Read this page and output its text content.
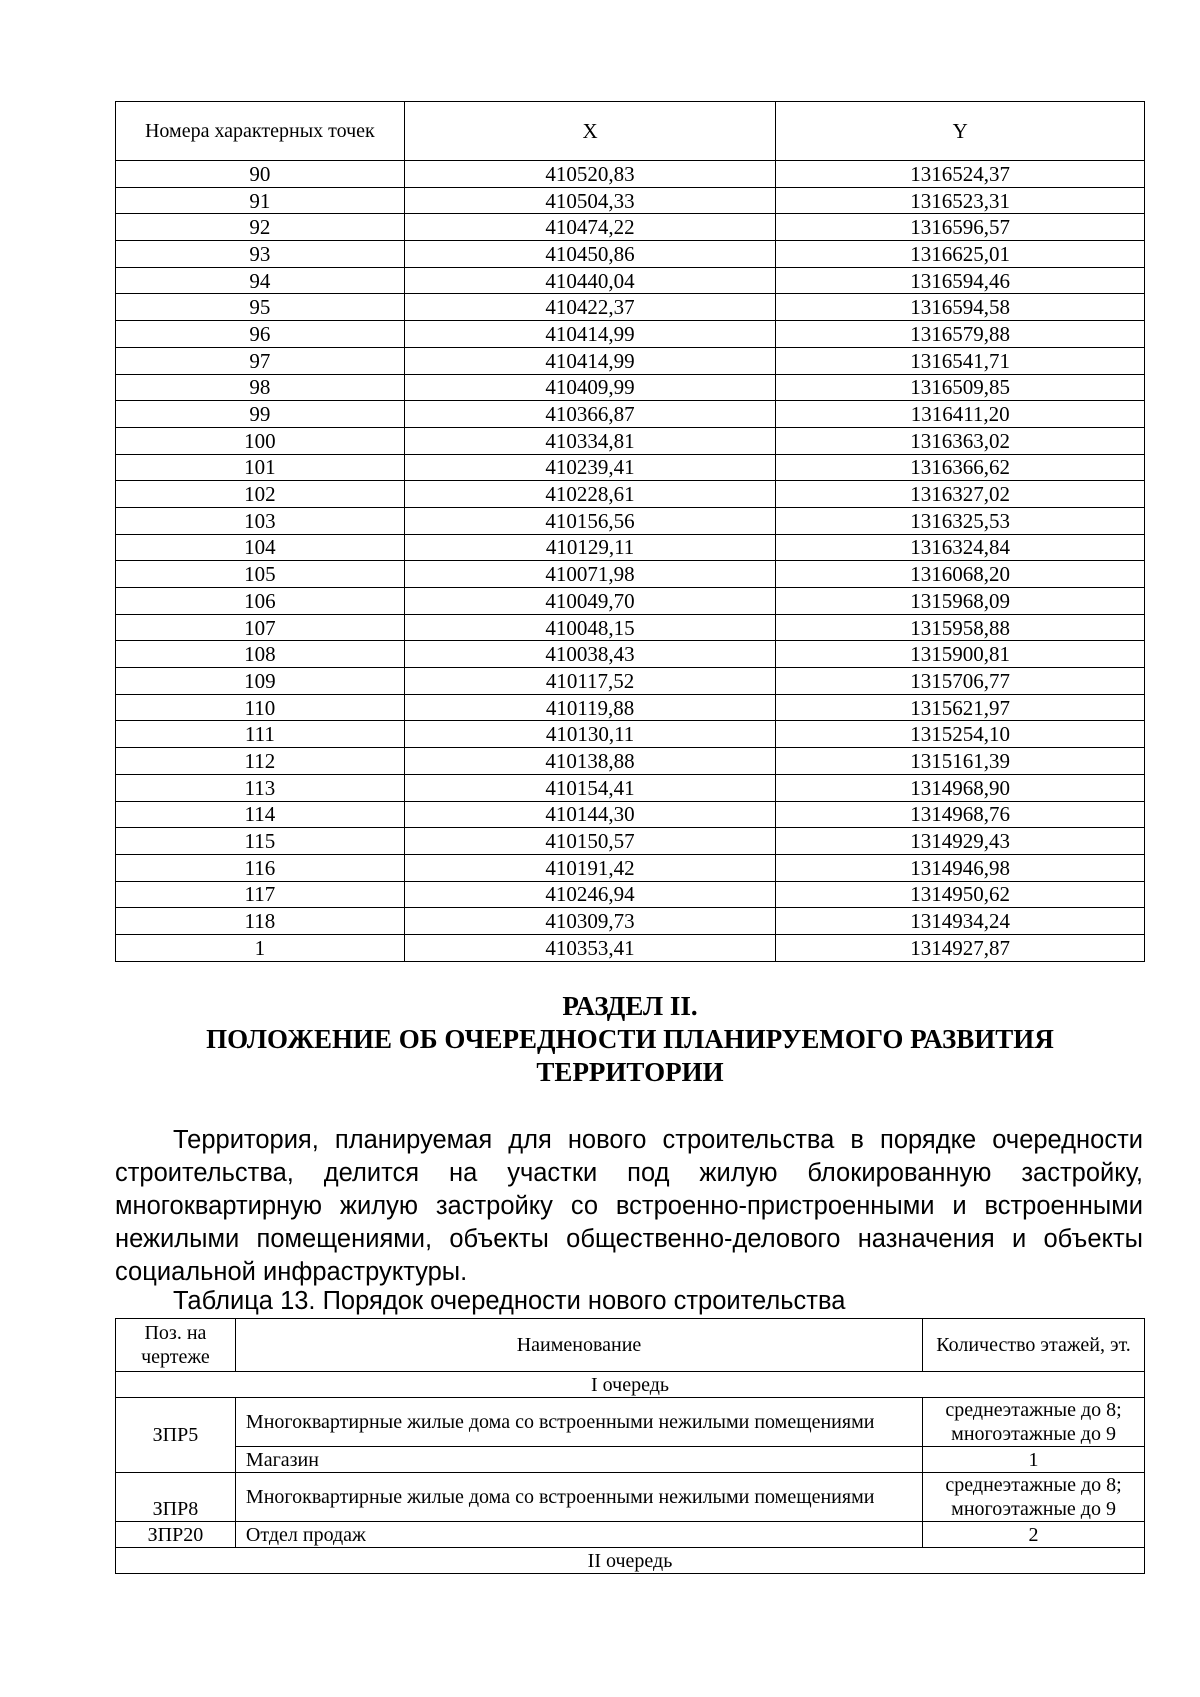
Номера характерных точек	X	Y
90	410520,83	1316524,37
91	410504,33	1316523,31
92	410474,22	1316596,57
93	410450,86	1316625,01
94	410440,04	1316594,46
95	410422,37	1316594,58
96	410414,99	1316579,88
97	410414,99	1316541,71
98	410409,99	1316509,85
99	410366,87	1316411,20
100	410334,81	1316363,02
101	410239,41	1316366,62
102	410228,61	1316327,02
103	410156,56	1316325,53
104	410129,11	1316324,84
105	410071,98	1316068,20
106	410049,70	1315968,09
107	410048,15	1315958,88
108	410038,43	1315900,81
109	410117,52	1315706,77
110	410119,88	1315621,97
111	410130,11	1315254,10
112	410138,88	1315161,39
113	410154,41	1314968,90
114	410144,30	1314968,76
115	410150,57	1314929,43
116	410191,42	1314946,98
117	410246,94	1314950,62
118	410309,73	1314934,24
1	410353,41	1314927,87
РАЗДЕЛ II.
ПОЛОЖЕНИЕ ОБ ОЧЕРЕДНОСТИ ПЛАНИРУЕМОГО РАЗВИТИЯ
ТЕРРИТОРИИ

Территория, планируемая для нового строительства в порядке очередности строительства, делится на участки под жилую блокированную застройку, многоквартирную жилую застройку со встроенно-пристроенными и встроенными нежилыми помещениями, объекты общественно-делового назначения и объекты социальной инфраструктуры.

Таблица 13. Порядок очередности нового строительства
Поз. на чертеже	Наименование	Количество этажей, эт.
I очередь		
ЗПР5	Многоквартирные жилые дома со встроенными нежилыми помещениями	среднеэтажные до 8; многоэтажные до 9
	Магазин	1
ЗПР8	Многоквартирные жилые дома со встроенными нежилыми помещениями	среднеэтажные до 8; многоэтажные до 9
ЗПР20	Отдел продаж	2
II очередь		
